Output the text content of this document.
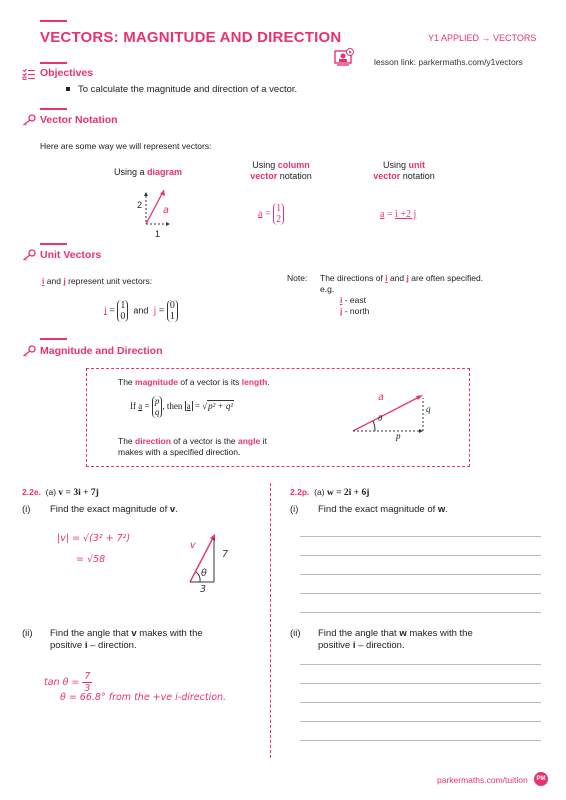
VECTORS: MAGNITUDE AND DIRECTION	Y1 APPLIED → VECTORS
lesson link: parkermaths.com/y1vectors
Objectives
To calculate the magnitude and direction of a vector.
Vector Notation
Here are some way we will represent vectors:
Using a diagram
Using column
vector notation
Using unit
vector notation
a
2
1
a = 1
2	a = i +2 j
Unit Vectors
i and j represent unit vectors:
i = 1
0  and j = 0
1
Note: The directions of i and j are often specified.
e.g.
i - east
j - north
Magnitude and Direction
The magnitude of a vector is its length.
If a = p
q, then a = √p² + q²
The direction of a vector is the angle it
makes with a specified direction.
a
θ
q
p
2.2e. (a) v = 3i + 7j
(i) Find the exact magnitude of v.
|v| = √(3² + 7²)
= √58
v
7
3
θ
(ii) Find the angle that v makes with the
positive i – direction.
$\tan \theta = \frac{7}{3}$
θ = 66.8° from the +ve i-direction.
2.2p. (a) w = 2i + 6j
(i) Find the exact magnitude of w.
(ii) Find the angle that w makes with the
positive i – direction.
parkermaths.com/tuition	PM
